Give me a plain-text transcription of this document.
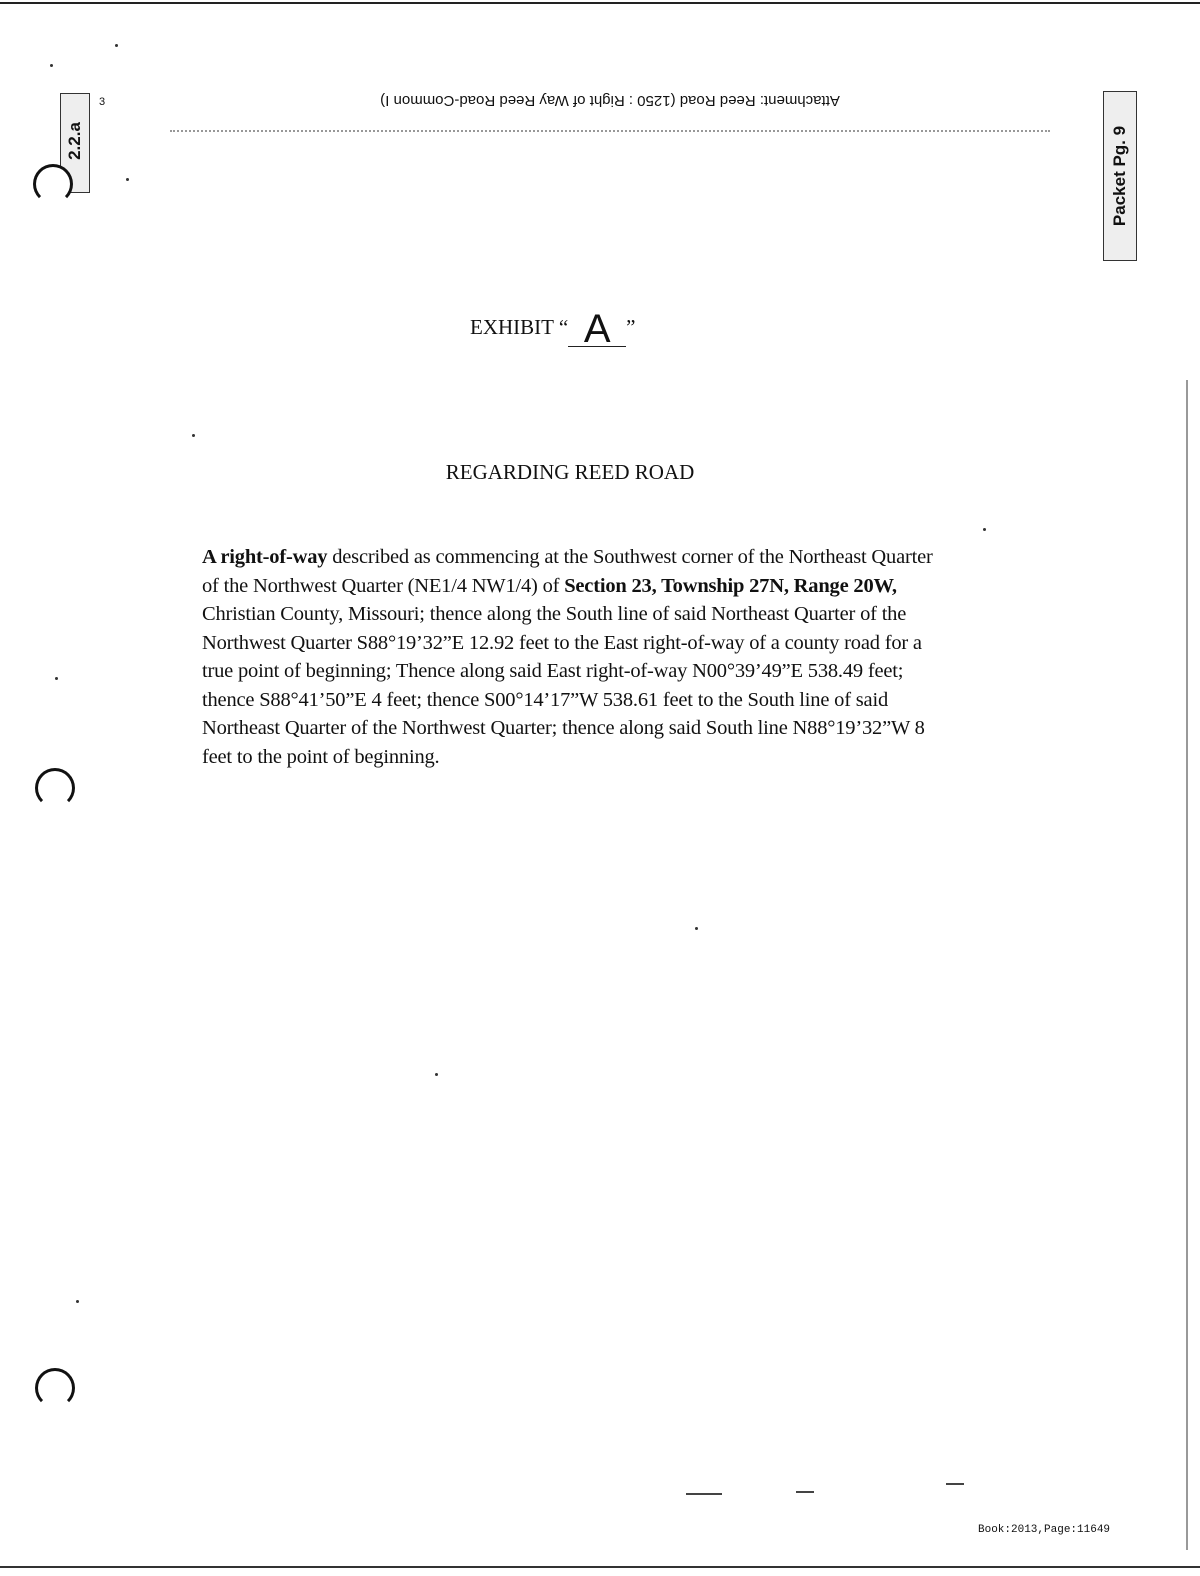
Attachment: Reed Road (1250 : Right of Way Reed Road-Common I)
2.2.a
3
Packet Pg. 9
EXHIBIT “ A ”
REGARDING REED ROAD
A right-of-way described as commencing at the Southwest corner of the Northeast Quarter of the Northwest Quarter (NE1/4 NW1/4) of Section 23, Township 27N, Range 20W, Christian County, Missouri; thence along the South line of said Northeast Quarter of the Northwest Quarter S88°19’32”E 12.92 feet to the East right-of-way of a county road for a true point of beginning; Thence along said East right-of-way N00°39’49”E 538.49 feet; thence S88°41’50”E 4 feet; thence S00°14’17”W 538.61 feet to the South line of said Northeast Quarter of the Northwest Quarter; thence along said South line N88°19’32”W 8 feet to the point of beginning.
Book:2013,Page:11649
